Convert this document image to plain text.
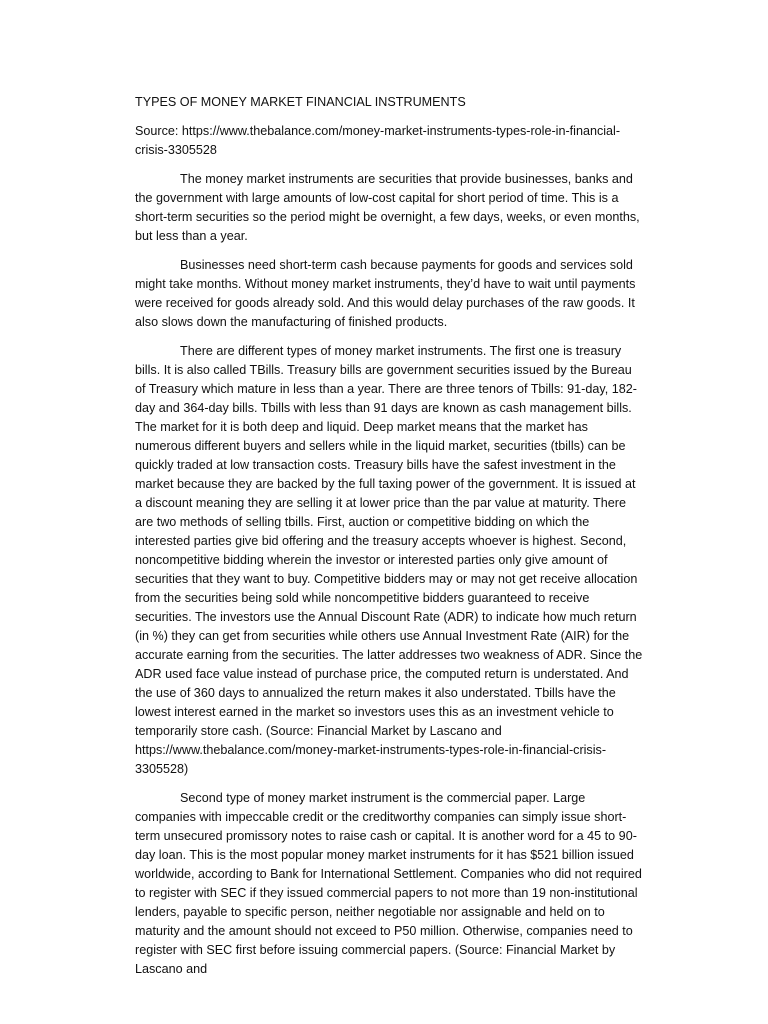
TYPES OF MONEY MARKET FINANCIAL INSTRUMENTS
Source: https://www.thebalance.com/money-market-instruments-types-role-in-financial-crisis-3305528

The money market instruments are securities that provide businesses, banks and the government with large amounts of low-cost capital for short period of time. This is a short-term securities so the period might be overnight, a few days, weeks, or even months, but less than a year.

Businesses need short-term cash because payments for goods and services sold might take months. Without money market instruments, they’d have to wait until payments were received for goods already sold. And this would delay purchases of the raw goods. It also slows down the manufacturing of finished products.

There are different types of money market instruments. The first one is treasury bills. It is also called TBills. Treasury bills are government securities issued by the Bureau of Treasury which mature in less than a year. There are three tenors of Tbills: 91-day, 182-day and 364-day bills. Tbills with less than 91 days are known as cash management bills. The market for it is both deep and liquid. Deep market means that the market has numerous different buyers and sellers while in the liquid market, securities (tbills) can be quickly traded at low transaction costs. Treasury bills have the safest investment in the market because they are backed by the full taxing power of the government. It is issued at a discount meaning they are selling it at lower price than the par value at maturity. There are two methods of selling tbills. First, auction or competitive bidding on which the interested parties give bid offering and the treasury accepts whoever is highest. Second, noncompetitive bidding wherein the investor or interested parties only give amount of securities that they want to buy. Competitive bidders may or may not get receive allocation from the securities being sold while noncompetitive bidders guaranteed to receive securities. The investors use the Annual Discount Rate (ADR) to indicate how much return (in %) they can get from securities while others use Annual Investment Rate (AIR) for the accurate earning from the securities. The latter addresses two weakness of ADR. Since the ADR used face value instead of purchase price, the computed return is understated. And the use of 360 days to annualized the return makes it also understated. Tbills have the lowest interest earned in the market so investors uses this as an investment vehicle to temporarily store cash. (Source: Financial Market by Lascano and https://www.thebalance.com/money-market-instruments-types-role-in-financial-crisis-3305528)

Second type of money market instrument is the commercial paper. Large companies with impeccable credit or the creditworthy companies can simply issue short-term unsecured promissory notes to raise cash or capital. It is another word for a 45 to 90-day loan. This is the most popular money market instruments for it has $521 billion issued worldwide, according to Bank for International Settlement. Companies who did not required to register with SEC if they issued commercial papers to not more than 19 non-institutional lenders, payable to specific person, neither negotiable nor assignable and held on to maturity and the amount should not exceed to P50 million. Otherwise, companies need to register with SEC first before issuing commercial papers. (Source: Financial Market by Lascano and
